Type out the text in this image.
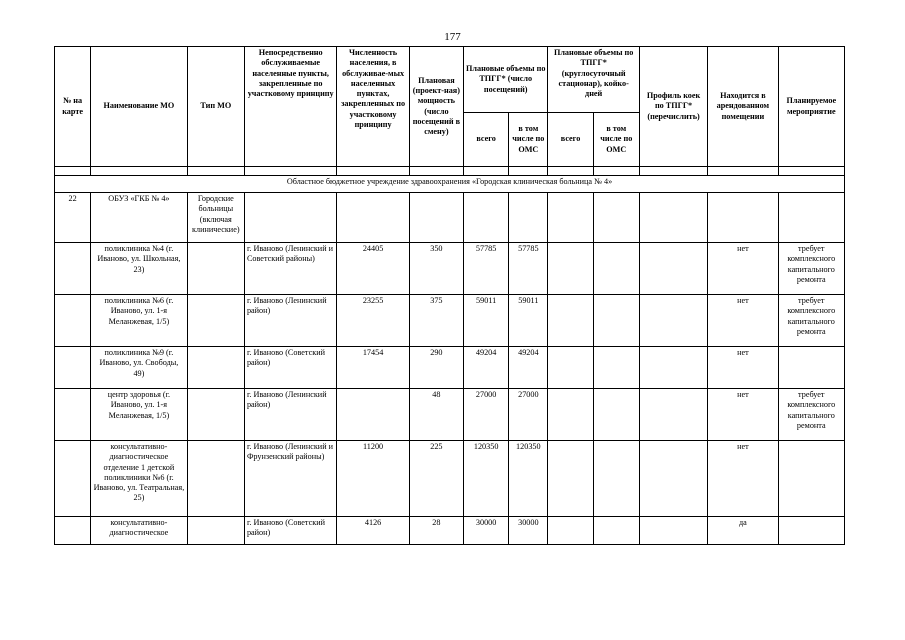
177
№ на карте	Наименование МО	Тип МО	Непосредственно обслуживаемые населенные пункты, закрепленные по участковому принципу	Численность населения, в обслуживае-мых населенных пунктах, закрепленных по участковому принципу	Плановая (проект-ная) мощность (число посещений в смену)	Плановые объемы по ТПГГ* (число посещений)		Плановые объемы по ТПГГ* (круглосуточный стационар), койко-дней		Профиль коек по ТПГГ* (перечислить)	Находится в арендованном помещении	Планируемое мероприятие
						всего	в том числе по ОМС	всего	в том числе по ОМС			

Областное бюджетное учреждение здравоохранения «Городская клиническая больница № 4»												
22	ОБУЗ «ГКБ № 4»	Городские больницы (включая клинические)										
	поликлиника №4 (г. Иваново, ул. Школьная, 23)		г. Иваново (Ленинский и Советский районы)	24405	350	57785	57785				нет	требует комплексного капитального ремонта
	поликлиника №6 (г. Иваново, ул. 1-я Меланжевая, 1/5)		г. Иваново (Ленинский район)	23255	375	59011	59011				нет	требует комплексного капитального ремонта
	поликлиника №9 (г. Иваново, ул. Свободы, 49)		г. Иваново (Советский район)	17454	290	49204	49204				нет	
	центр здоровья (г. Иваново, ул. 1-я Меланжевая, 1/5)		г. Иваново (Ленинский район)		48	27000	27000				нет	требует комплексного капитального ремонта
	консультативно-диагностическое отделение 1 детской поликлиники №6 (г. Иваново, ул. Театральная, 25)		г. Иваново (Ленинский и Фрунзенский районы)	11200	225	120350	120350				нет	
	консультативно-диагностическое		г. Иваново (Советский район)	4126	28	30000	30000				да	
